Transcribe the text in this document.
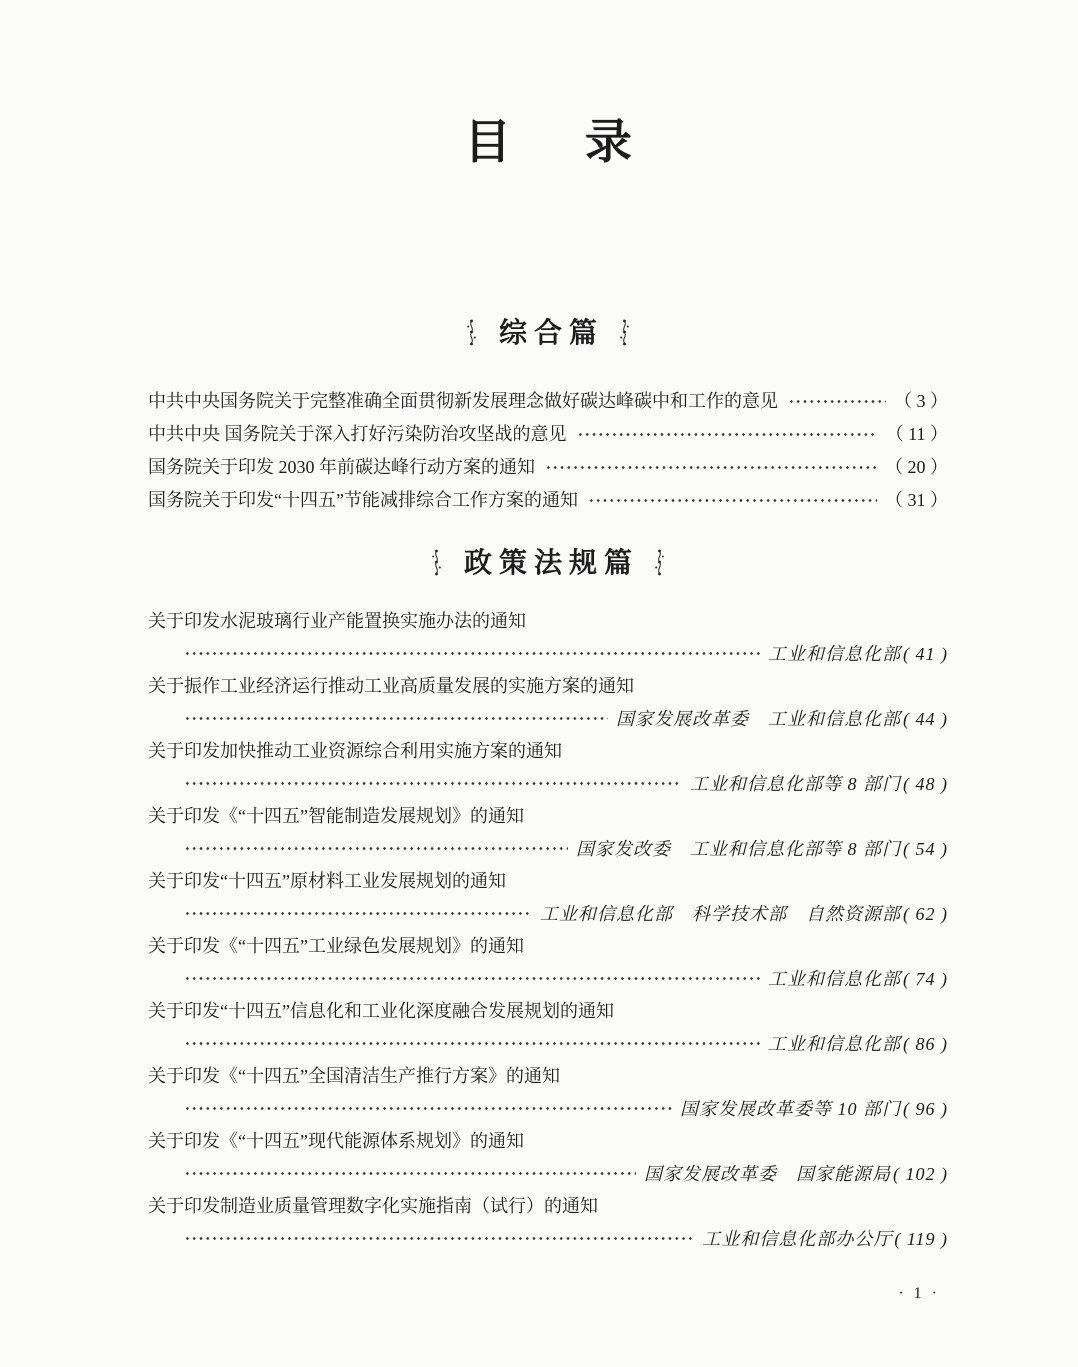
目 录
综合篇
中共中央国务院关于完整准确全面贯彻新发展理念做好碳达峰碳中和工作的意见	（ 3 ）
中共中央 国务院关于深入打好污染防治攻坚战的意见	（ 11 ）
国务院关于印发 2030 年前碳达峰行动方案的通知	（ 20 ）
国务院关于印发“十四五”节能减排综合工作方案的通知	（ 31 ）
政策法规篇
关于印发水泥玻璃行业产能置换实施办法的通知
工业和信息化部 ( 41 )
关于振作工业经济运行推动工业高质量发展的实施方案的通知
国家发展改革委　工业和信息化部 ( 44 )
关于印发加快推动工业资源综合利用实施方案的通知
工业和信息化部等 8 部门 ( 48 )
关于印发《“十四五”智能制造发展规划》的通知
国家发改委　工业和信息化部等 8 部门 ( 54 )
关于印发“十四五”原材料工业发展规划的通知
工业和信息化部　科学技术部　自然资源部 ( 62 )
关于印发《“十四五”工业绿色发展规划》的通知
工业和信息化部 ( 74 )
关于印发“十四五”信息化和工业化深度融合发展规划的通知
工业和信息化部 ( 86 )
关于印发《“十四五”全国清洁生产推行方案》的通知
国家发展改革委等 10 部门 ( 96 )
关于印发《“十四五”现代能源体系规划》的通知
国家发展改革委　国家能源局 ( 102 )
关于印发制造业质量管理数字化实施指南（试行）的通知
工业和信息化部办公厅 ( 119 )
· 1 ·
